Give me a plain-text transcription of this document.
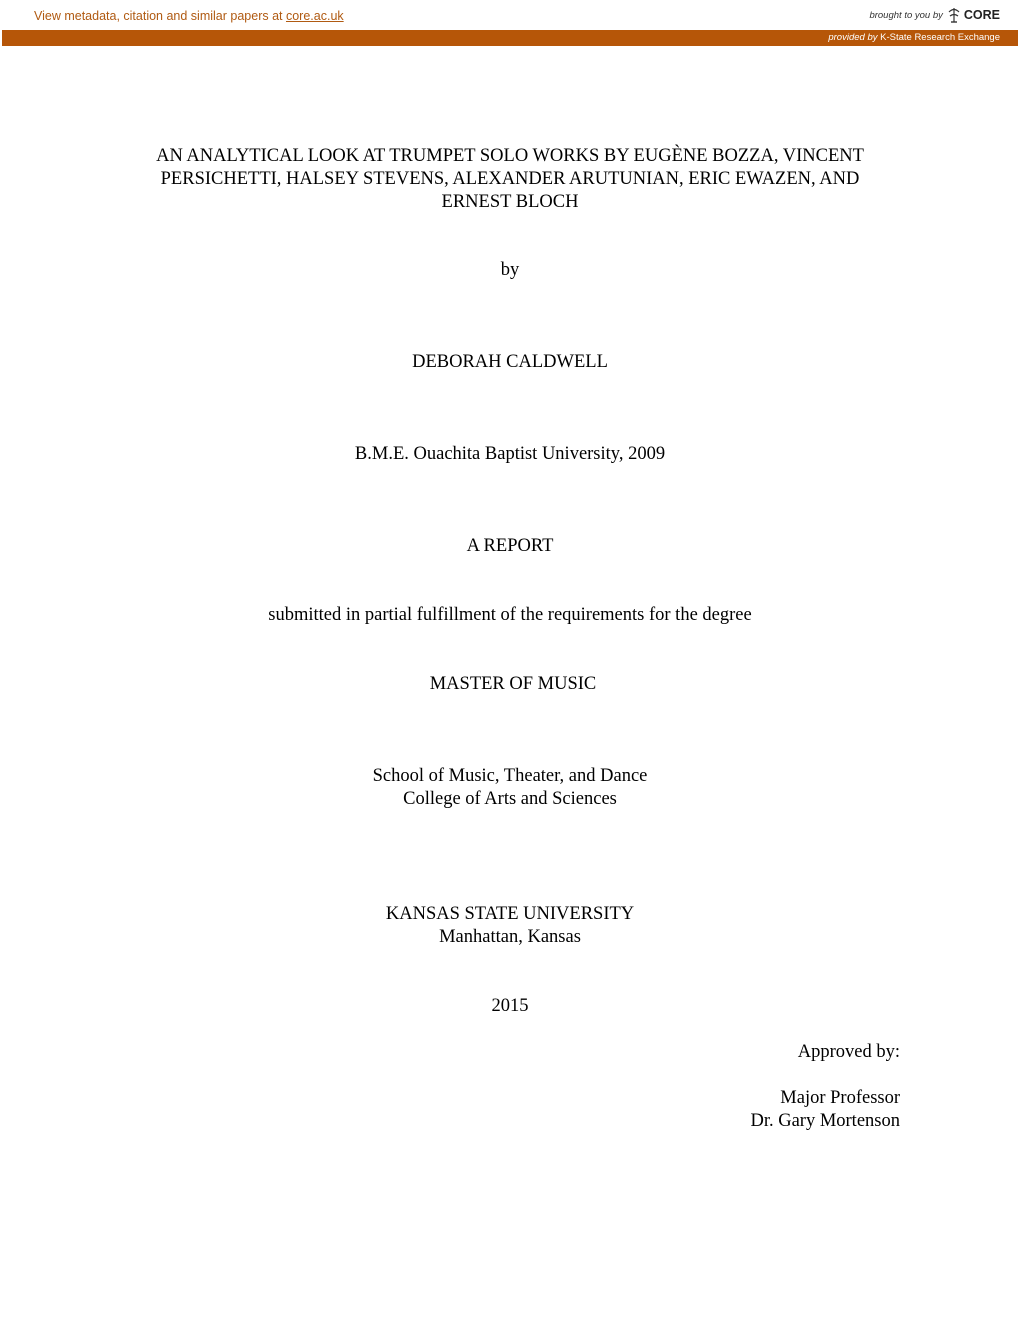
View metadata, citation and similar papers at core.ac.uk	brought to you by CORE
provided by K-State Research Exchange
AN ANALYTICAL LOOK AT TRUMPET SOLO WORKS BY EUGÈNE BOZZA, VINCENT
PERSICHETTI, HALSEY STEVENS, ALEXANDER ARUTUNIAN, ERIC EWAZEN, AND
ERNEST BLOCH
by
DEBORAH CALDWELL
B.M.E. Ouachita Baptist University, 2009
A REPORT
submitted in partial fulfillment of the requirements for the degree
MASTER OF MUSIC
School of Music, Theater, and Dance
College of Arts and Sciences
KANSAS STATE UNIVERSITY
Manhattan, Kansas
2015
Approved by:
Major Professor
Dr. Gary Mortenson
